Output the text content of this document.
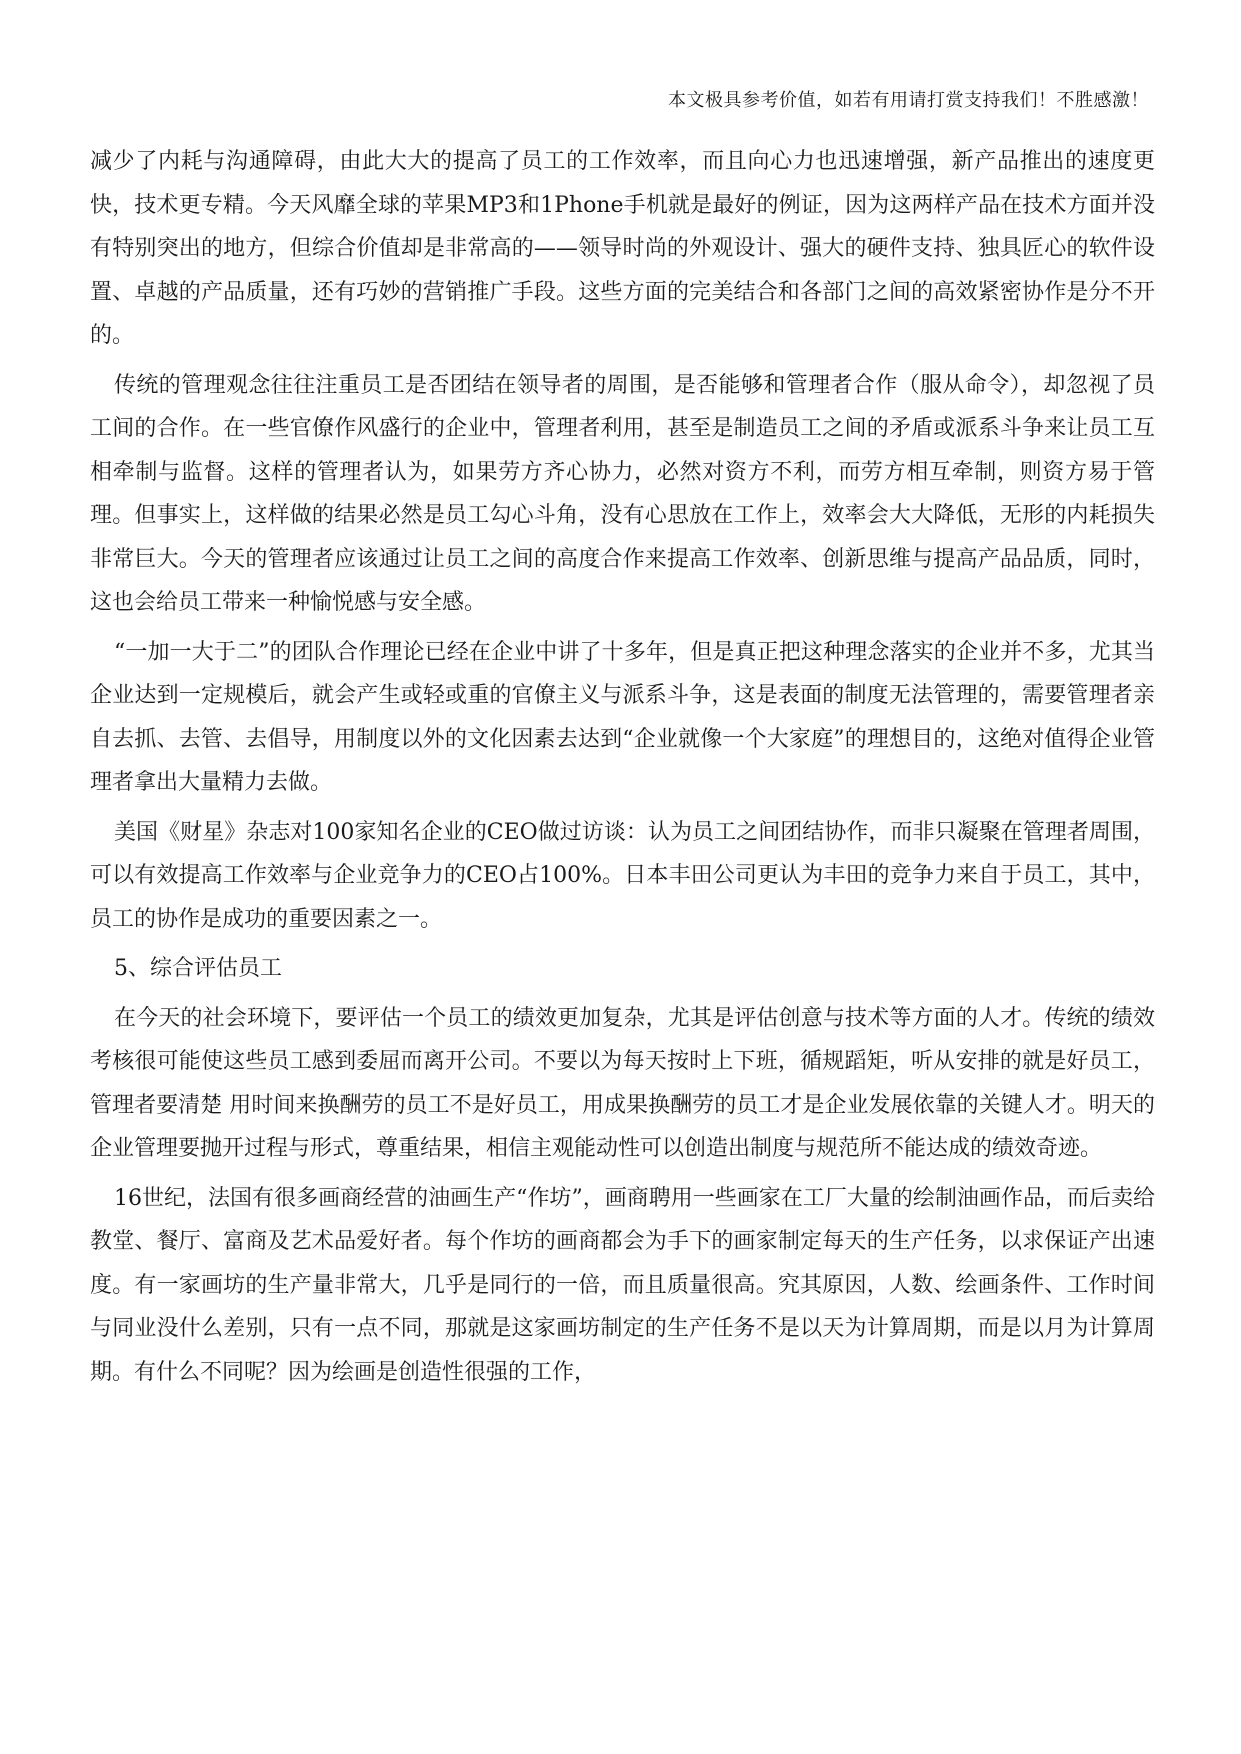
本文极具参考价值，如若有用请打赏支持我们！不胜感激！

减少了内耗与沟通障碍，由此大大的提高了员工的工作效率，而且向心力也迅速增强，新产品推出的速度更快，技术更专精。今天风靡全球的苹果MP3和1Phone手机就是最好的例证，因为这两样产品在技术方面并没有特别突出的地方，但综合价值却是非常高的——领导时尚的外观设计、强大的硬件支持、独具匠心的软件设置、卓越的产品质量，还有巧妙的营销推广手段。这些方面的完美结合和各部门之间的高效紧密协作是分不开的。

传统的管理观念往往注重员工是否团结在领导者的周围，是否能够和管理者合作（服从命令），却忽视了员工间的合作。在一些官僚作风盛行的企业中，管理者利用，甚至是制造员工之间的矛盾或派系斗争来让员工互相牵制与监督。这样的管理者认为，如果劳方齐心协力，必然对资方不利，而劳方相互牵制，则资方易于管理。但事实上，这样做的结果必然是员工勾心斗角，没有心思放在工作上，效率会大大降低，无形的内耗损失非常巨大。今天的管理者应该通过让员工之间的高度合作来提高工作效率、创新思维与提高产品品质，同时，这也会给员工带来一种愉悦感与安全感。

“一加一大于二”的团队合作理论已经在企业中讲了十多年，但是真正把这种理念落实的企业并不多，尤其当企业达到一定规模后，就会产生或轻或重的官僚主义与派系斗争，这是表面的制度无法管理的，需要管理者亲自去抓、去管、去倡导，用制度以外的文化因素去达到“企业就像一个大家庭”的理想目的，这绝对值得企业管理者拿出大量精力去做。

美国《财星》杂志对100家知名企业的CEO做过访谈：认为员工之间团结协作，而非只凝聚在管理者周围，可以有效提高工作效率与企业竞争力的CEO占100%。日本丰田公司更认为丰田的竞争力来自于员工，其中，员工的协作是成功的重要因素之一。

5、综合评估员工

在今天的社会环境下，要评估一个员工的绩效更加复杂，尤其是评估创意与技术等方面的人才。传统的绩效考核很可能使这些员工感到委屈而离开公司。不要以为每天按时上下班，循规蹈矩，听从安排的就是好员工，管理者要清楚 用时间来换酬劳的员工不是好员工，用成果换酬劳的员工才是企业发展依靠的关键人才。明天的企业管理要抛开过程与形式，尊重结果，相信主观能动性可以创造出制度与规范所不能达成的绩效奇迹。

16世纪，法国有很多画商经营的油画生产“作坊”，画商聘用一些画家在工厂大量的绘制油画作品，而后卖给教堂、餐厅、富商及艺术品爱好者。每个作坊的画商都会为手下的画家制定每天的生产任务，以求保证产出速度。有一家画坊的生产量非常大，几乎是同行的一倍，而且质量很高。究其原因，人数、绘画条件、工作时间与同业没什么差别，只有一点不同，那就是这家画坊制定的生产任务不是以天为计算周期，而是以月为计算周期。有什么不同呢？因为绘画是创造性很强的工作，
